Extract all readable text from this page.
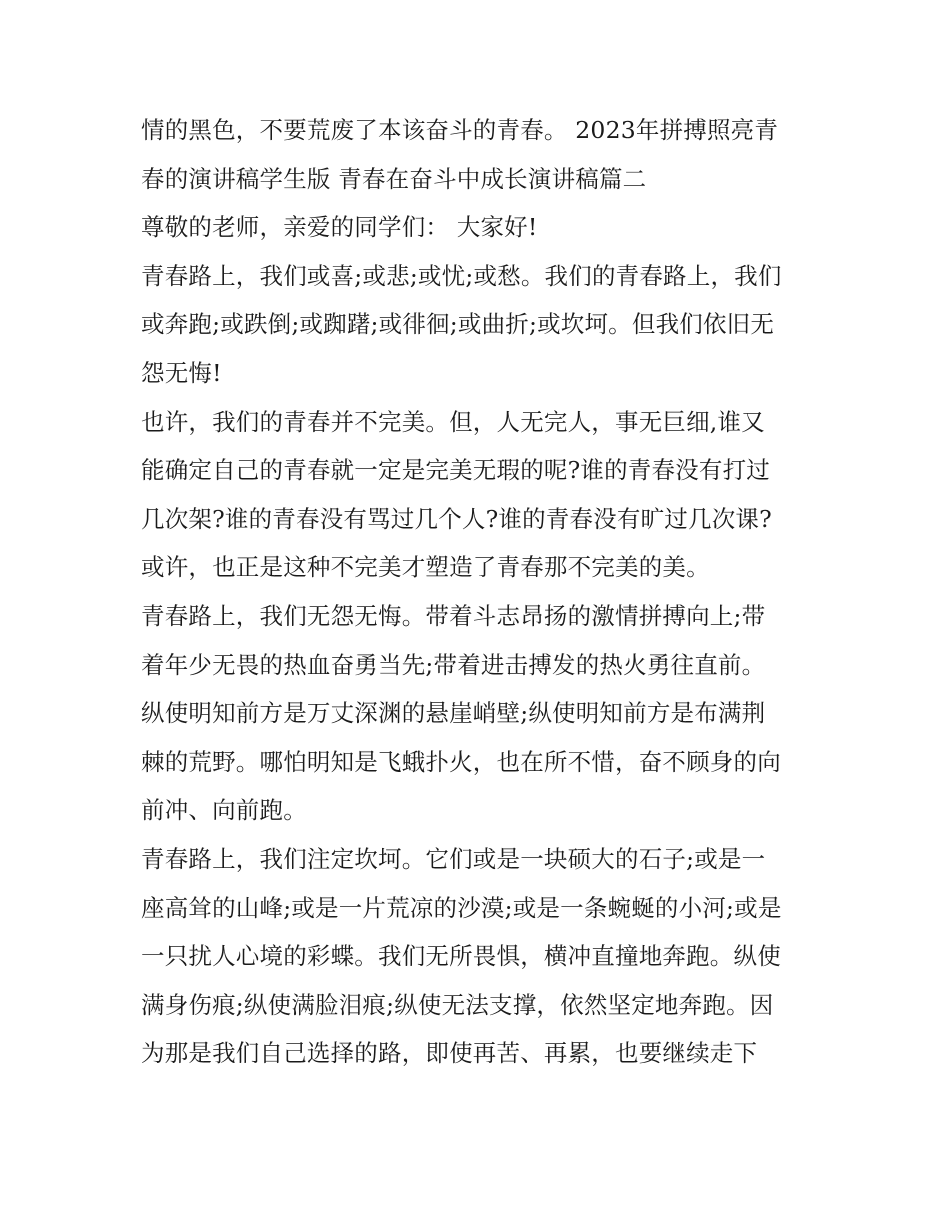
情的黑色，不要荒废了本该奋斗的青春。 2023年拼搏照亮青
春的演讲稿学生版 青春在奋斗中成长演讲稿篇二
尊敬的老师，亲爱的同学们： 大家好!
青春路上，我们或喜;或悲;或忧;或愁。我们的青春路上，我们
或奔跑;或跌倒;或踟躇;或徘徊;或曲折;或坎坷。但我们依旧无
怨无悔!
也许，我们的青春并不完美。但，人无完人，事无巨细,谁又
能确定自己的青春就一定是完美无瑕的呢?谁的青春没有打过
几次架?谁的青春没有骂过几个人?谁的青春没有旷过几次课?
或许，也正是这种不完美才塑造了青春那不完美的美。
青春路上，我们无怨无悔。带着斗志昂扬的激情拼搏向上;带
着年少无畏的热血奋勇当先;带着进击搏发的热火勇往直前。
纵使明知前方是万丈深渊的悬崖峭壁;纵使明知前方是布满荆
棘的荒野。哪怕明知是飞蛾扑火，也在所不惜，奋不顾身的向
前冲、向前跑。
青春路上，我们注定坎坷。它们或是一块硕大的石子;或是一
座高耸的山峰;或是一片荒凉的沙漠;或是一条蜿蜒的小河;或是
一只扰人心境的彩蝶。我们无所畏惧，横冲直撞地奔跑。纵使
满身伤痕;纵使满脸泪痕;纵使无法支撑，依然坚定地奔跑。因
为那是我们自己选择的路，即使再苦、再累，也要继续走下
